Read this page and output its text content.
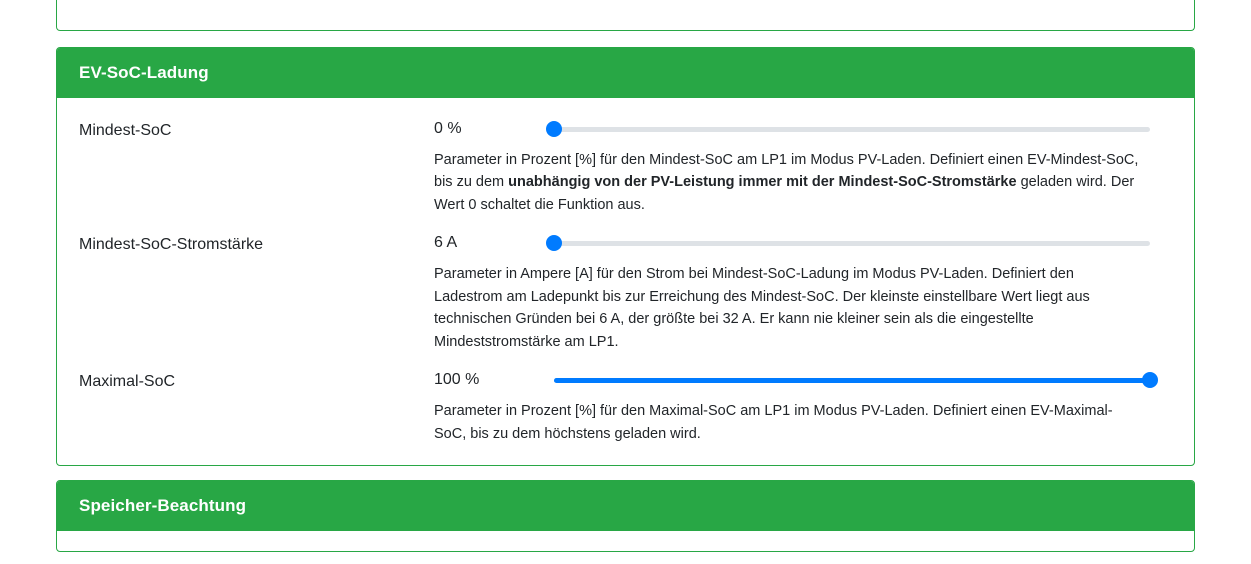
EV-SoC-Ladung
Mindest-SoC	0 %
Parameter in Prozent [%] für den Mindest-SoC am LP1 im Modus PV-Laden. Definiert einen EV-Mindest-SoC, bis zu dem unabhängig von der PV-Leistung immer mit der Mindest-SoC-Stromstärke geladen wird. Der Wert 0 schaltet die Funktion aus.
Mindest-SoC-Stromstärke	6 A
Parameter in Ampere [A] für den Strom bei Mindest-SoC-Ladung im Modus PV-Laden. Definiert den Ladestrom am Ladepunkt bis zur Erreichung des Mindest-SoC. Der kleinste einstellbare Wert liegt aus technischen Gründen bei 6 A, der größte bei 32 A. Er kann nie kleiner sein als die eingestellte Mindeststromstärke am LP1.
Maximal-SoC	100 %
Parameter in Prozent [%] für den Maximal-SoC am LP1 im Modus PV-Laden. Definiert einen EV-Maximal-SoC, bis zu dem höchstens geladen wird.
Speicher-Beachtung
